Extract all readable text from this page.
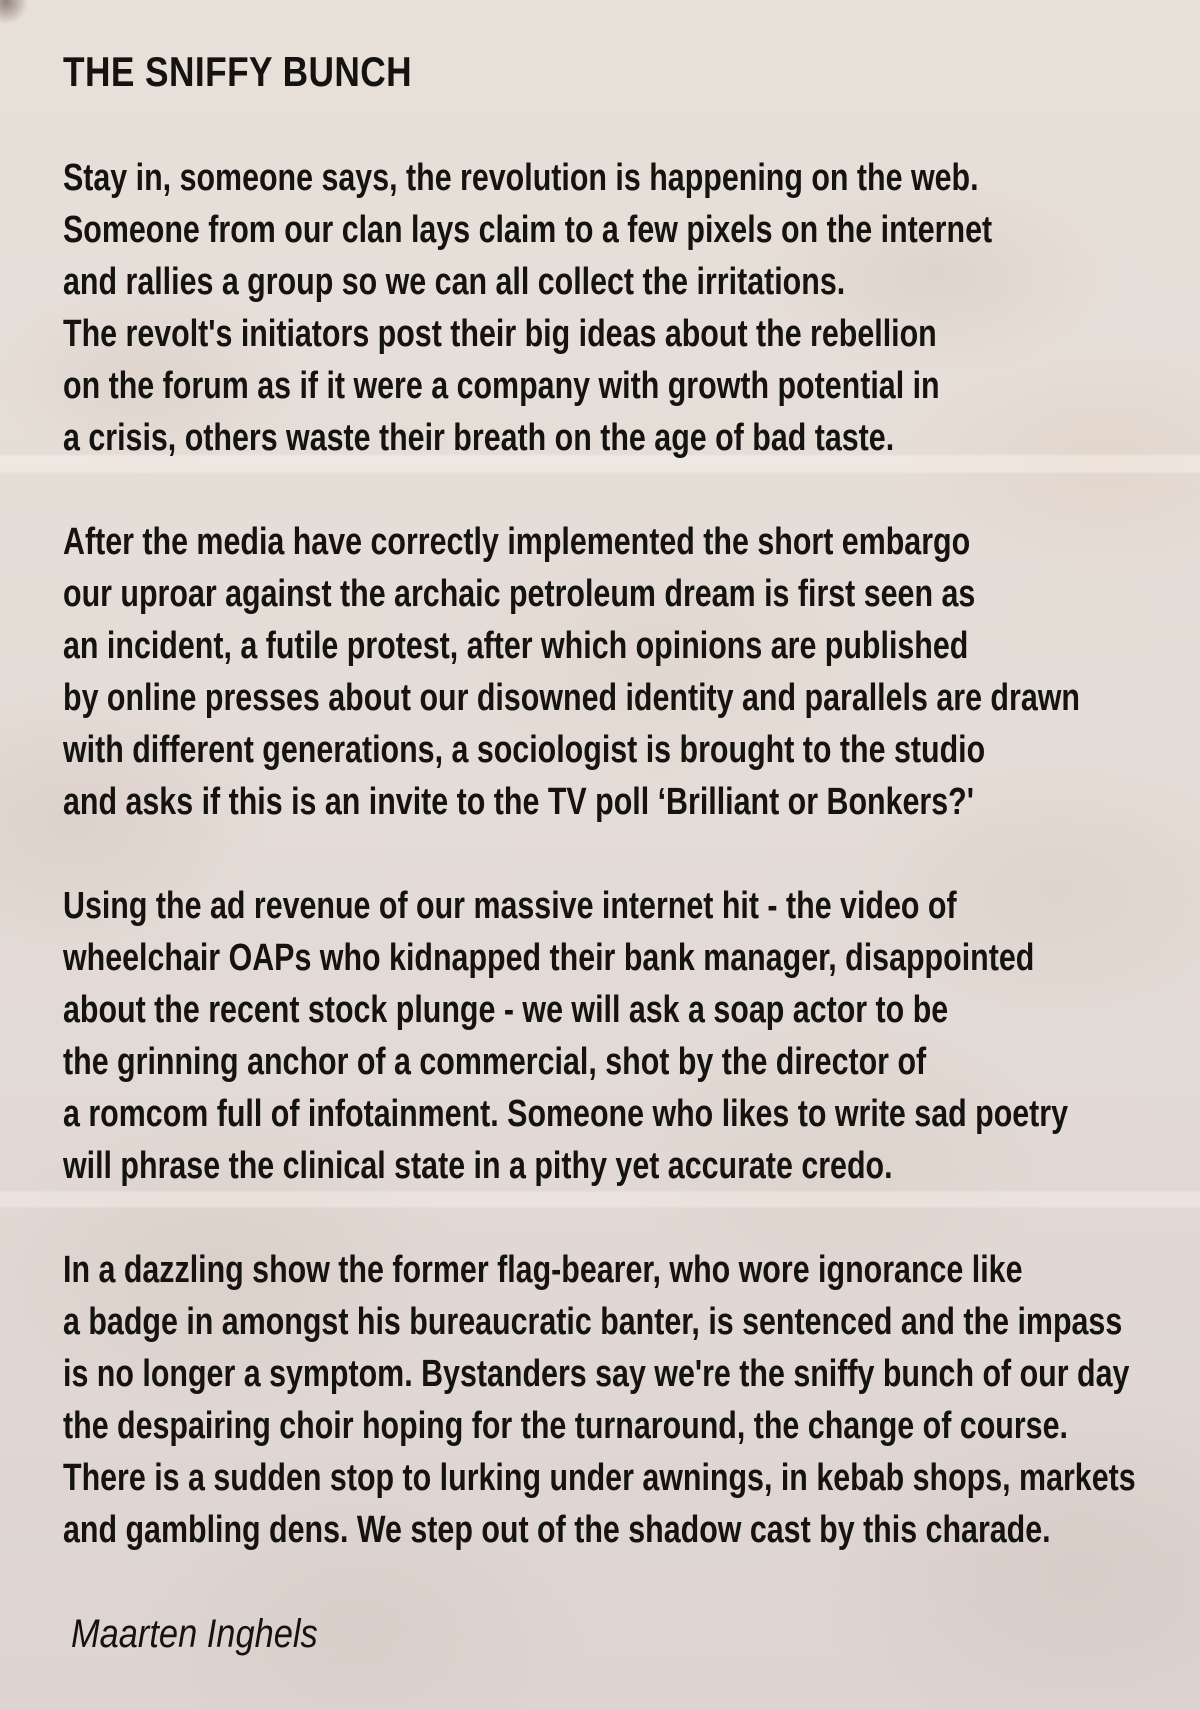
THE SNIFFY BUNCH
Stay in, someone says, the revolution is happening on the web.
Someone from our clan lays claim to a few pixels on the internet
and rallies a group so we can all collect the irritations.
The revolt's initiators post their big ideas about the rebellion
on the forum as if it were a company with growth potential in
a crisis, others waste their breath on the age of bad taste.
After the media have correctly implemented the short embargo
our uproar against the archaic petroleum dream is first seen as
an incident, a futile protest, after which opinions are published
by online presses about our disowned identity and parallels are drawn
with different generations, a sociologist is brought to the studio
and asks if this is an invite to the TV poll ‘Brilliant or Bonkers?'
Using the ad revenue of our massive internet hit - the video of
wheelchair OAPs who kidnapped their bank manager, disappointed
about the recent stock plunge - we will ask a soap actor to be
the grinning anchor of a commercial, shot by the director of
a romcom full of infotainment. Someone who likes to write sad poetry
will phrase the clinical state in a pithy yet accurate credo.
In a dazzling show the former flag-bearer, who wore ignorance like
a badge in amongst his bureaucratic banter, is sentenced and the impass
is no longer a symptom. Bystanders say we're the sniffy bunch of our day
the despairing choir hoping for the turnaround, the change of course.
There is a sudden stop to lurking under awnings, in kebab shops, markets
and gambling dens. We step out of the shadow cast by this charade.
Maarten Inghels
